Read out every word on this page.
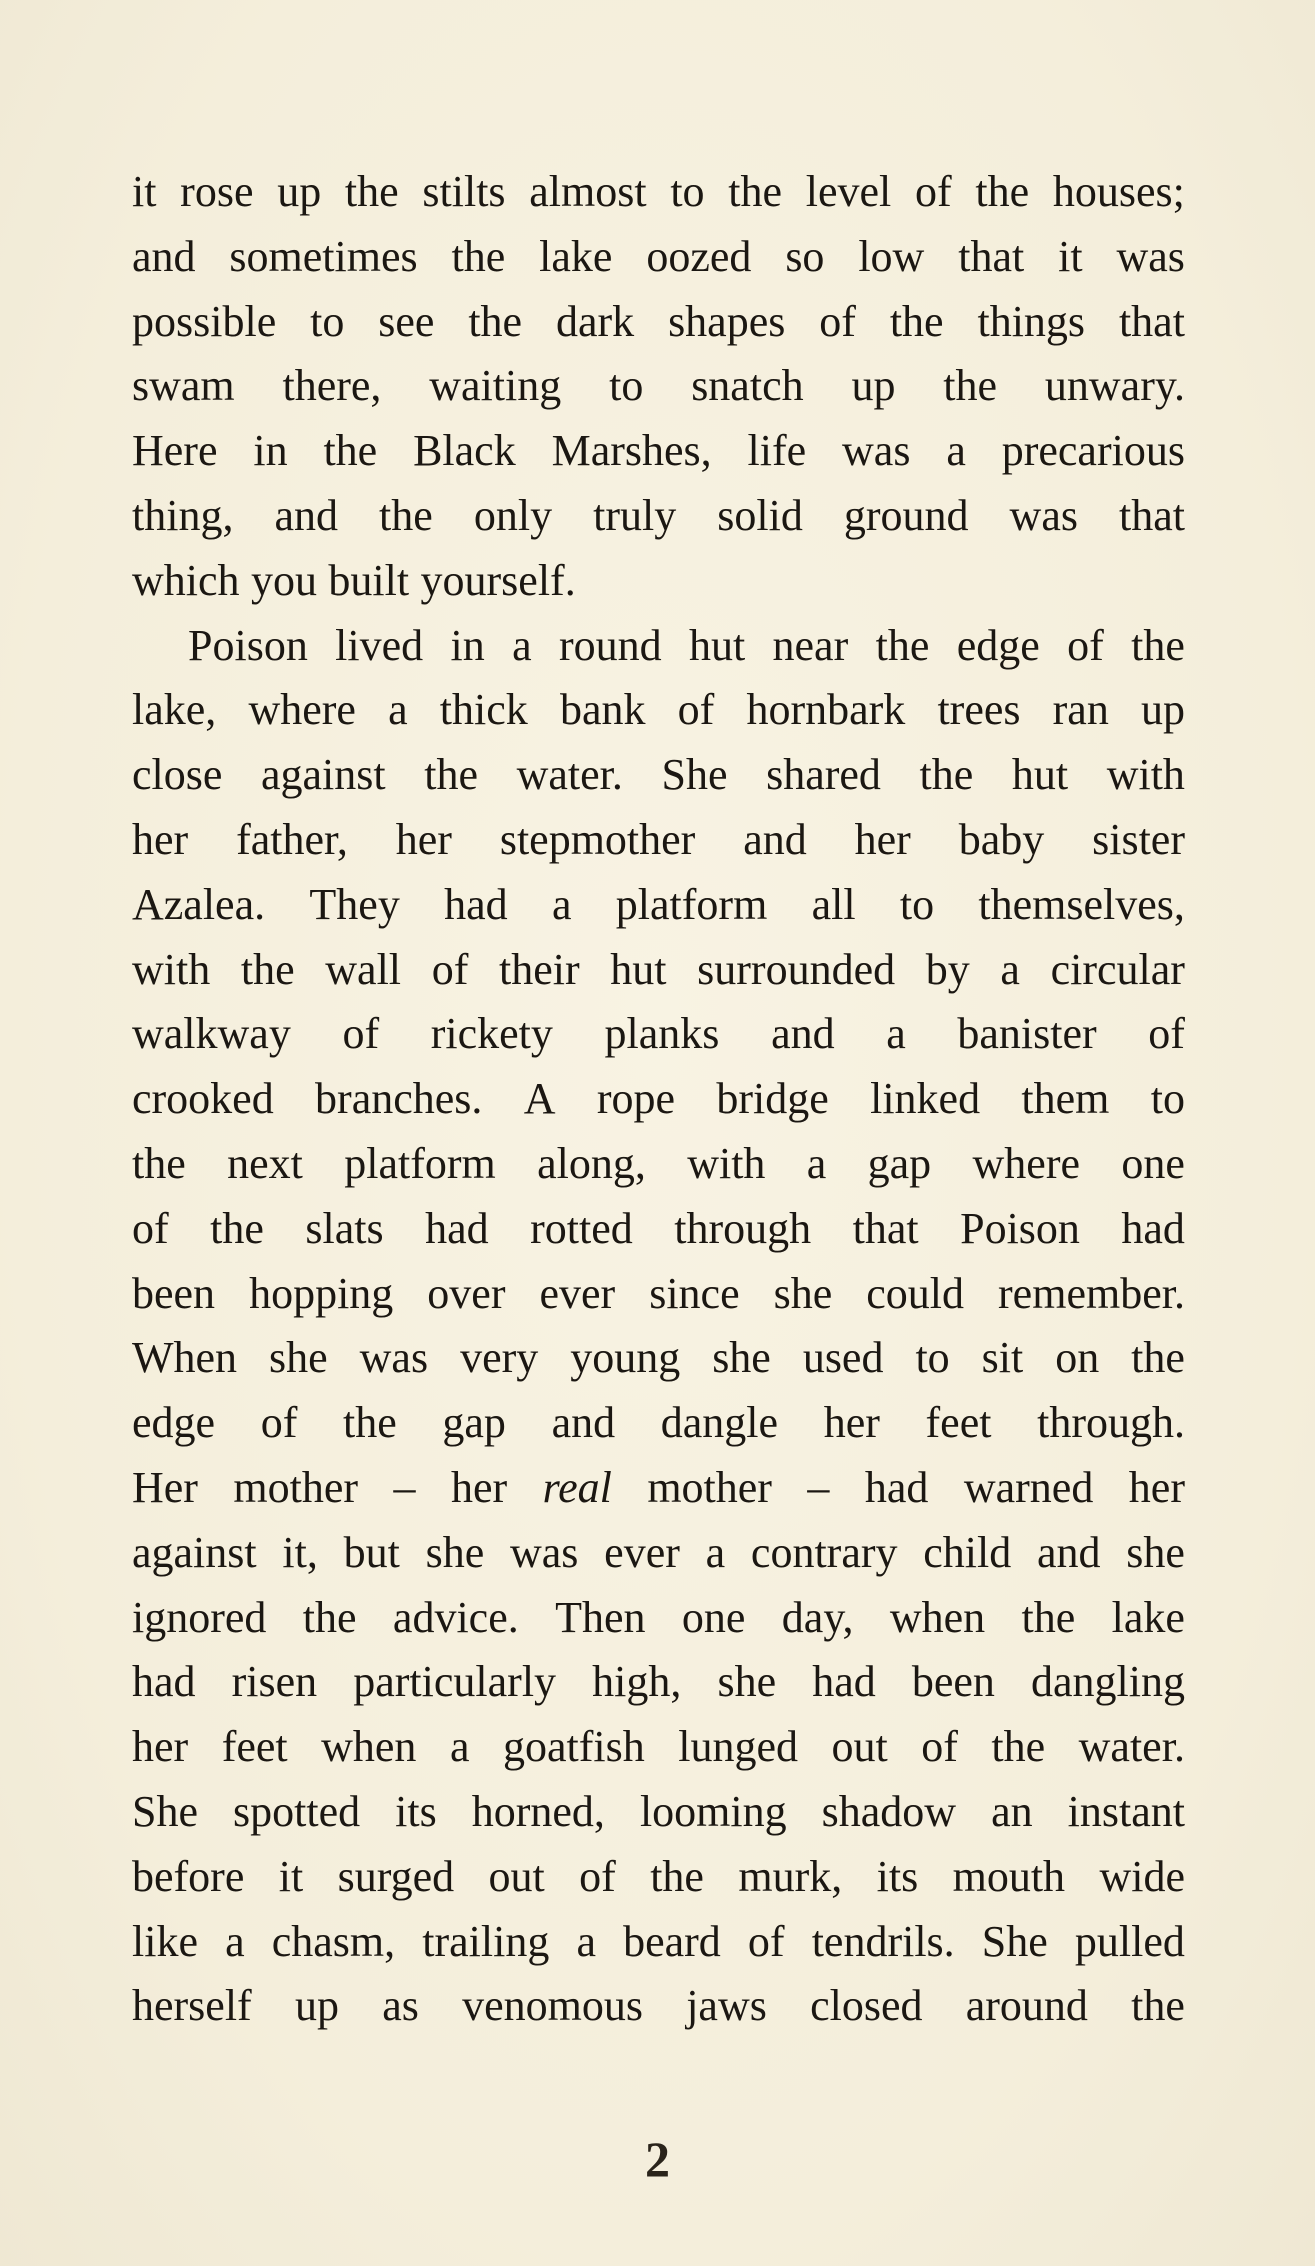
it rose up the stilts almost to the level of the houses;
and sometimes the lake oozed so low that it was
possible to see the dark shapes of the things that
swam there, waiting to snatch up the unwary.
Here in the Black Marshes, life was a precarious
thing, and the only truly solid ground was that
which you built yourself.
Poison lived in a round hut near the edge of the
lake, where a thick bank of hornbark trees ran up
close against the water. She shared the hut with
her father, her stepmother and her baby sister
Azalea. They had a platform all to themselves,
with the wall of their hut surrounded by a circular
walkway of rickety planks and a banister of
crooked branches. A rope bridge linked them to
the next platform along, with a gap where one
of the slats had rotted through that Poison had
been hopping over ever since she could remember.
When she was very young she used to sit on the
edge of the gap and dangle her feet through.
Her mother – her real mother – had warned her
against it, but she was ever a contrary child and she
ignored the advice. Then one day, when the lake
had risen particularly high, she had been dangling
her feet when a goatfish lunged out of the water.
She spotted its horned, looming shadow an instant
before it surged out of the murk, its mouth wide
like a chasm, trailing a beard of tendrils. She pulled
herself up as venomous jaws closed around the
2
